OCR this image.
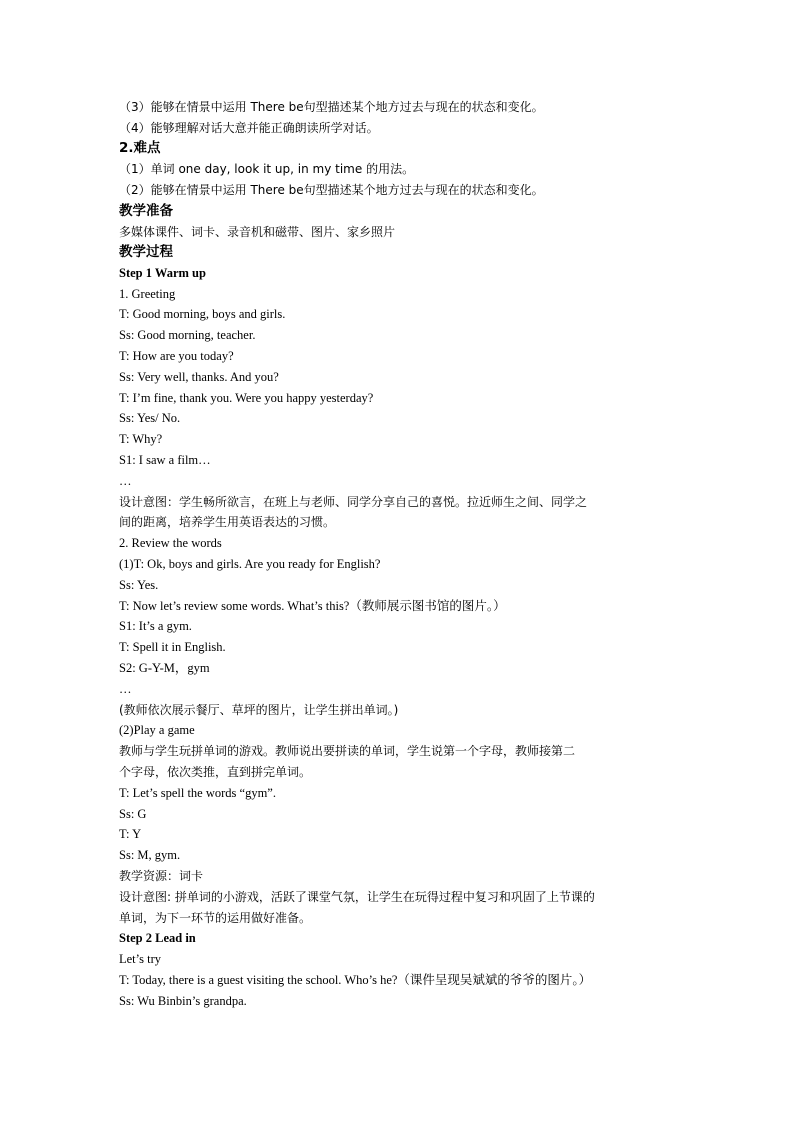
（3）能够在情景中运用 There be句型描述某个地方过去与现在的状态和变化。
（4）能够理解对话大意并能正确朗读所学对话。
2.难点
（1）单词 one day, look it up, in my time 的用法。
（2）能够在情景中运用 There be句型描述某个地方过去与现在的状态和变化。
教学准备
多媒体课件、词卡、录音机和磁带、图片、家乡照片
教学过程
Step 1 Warm up
1. Greeting
T: Good morning, boys and girls.
Ss: Good morning, teacher.
T: How are you today?
Ss: Very well, thanks. And you?
T: I’m fine, thank you. Were you happy yesterday?
Ss: Yes/ No.
T: Why?
S1: I saw a film…
…
设计意图：学生畅所欲言，在班上与老师、同学分享自己的喜悦。拉近师生之间、同学之
间的距离，培养学生用英语表达的习惯。
2. Review the words
(1)T: Ok, boys and girls. Are you ready for English?
Ss: Yes.
T: Now let’s review some words. What’s this?（教师展示图书馆的图片。）
S1: It’s a gym.
T: Spell it in English.
S2: G-Y-M，gym
…
(教师依次展示餐厅、草坪的图片，让学生拼出单词。)
(2)Play a game
教师与学生玩拼单词的游戏。教师说出要拼读的单词，学生说第一个字母，教师接第二
个字母，依次类推，直到拼完单词。
T: Let’s spell the words “gym”.
Ss: G
T: Y
Ss: M, gym.
教学资源：词卡
设计意图: 拼单词的小游戏，活跃了课堂气氛，让学生在玩得过程中复习和巩固了上节课的
单词，为下一环节的运用做好准备。
Step 2 Lead in
Let’s try
T: Today, there is a guest visiting the school. Who’s he?（课件呈现吴斌斌的爷爷的图片。）
Ss: Wu Binbin’s grandpa.
